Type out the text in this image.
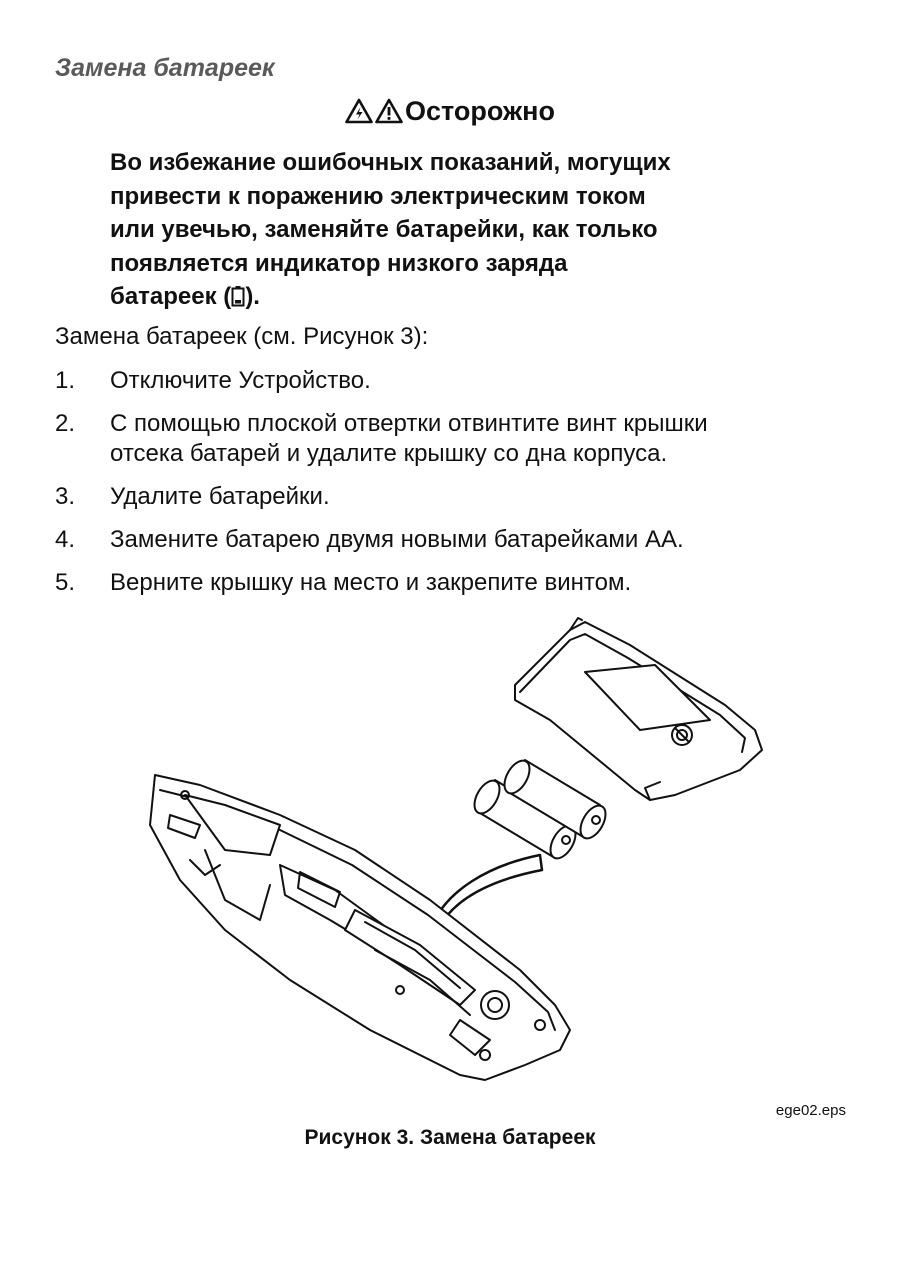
Замена батареек
Осторожно

Во избежание ошибочных показаний, могущих
привести к поражению электрическим током
или увечью, заменяйте батарейки, как только
появляется индикатор низкого заряда
батареек ( ).

Замена батареек (см. Рисунок 3):

1.	Отключите Устройство.
2.	С помощью плоской отвертки отвинтите винт крышки
отсека батарей и удалите крышку со дна корпуса.
3.	Удалите батарейки.
4.	Замените батарею двумя новыми батарейками AA.
5.	Верните крышку на место и закрепите винтом.

ege02.eps

Рисунок 3. Замена батареек
